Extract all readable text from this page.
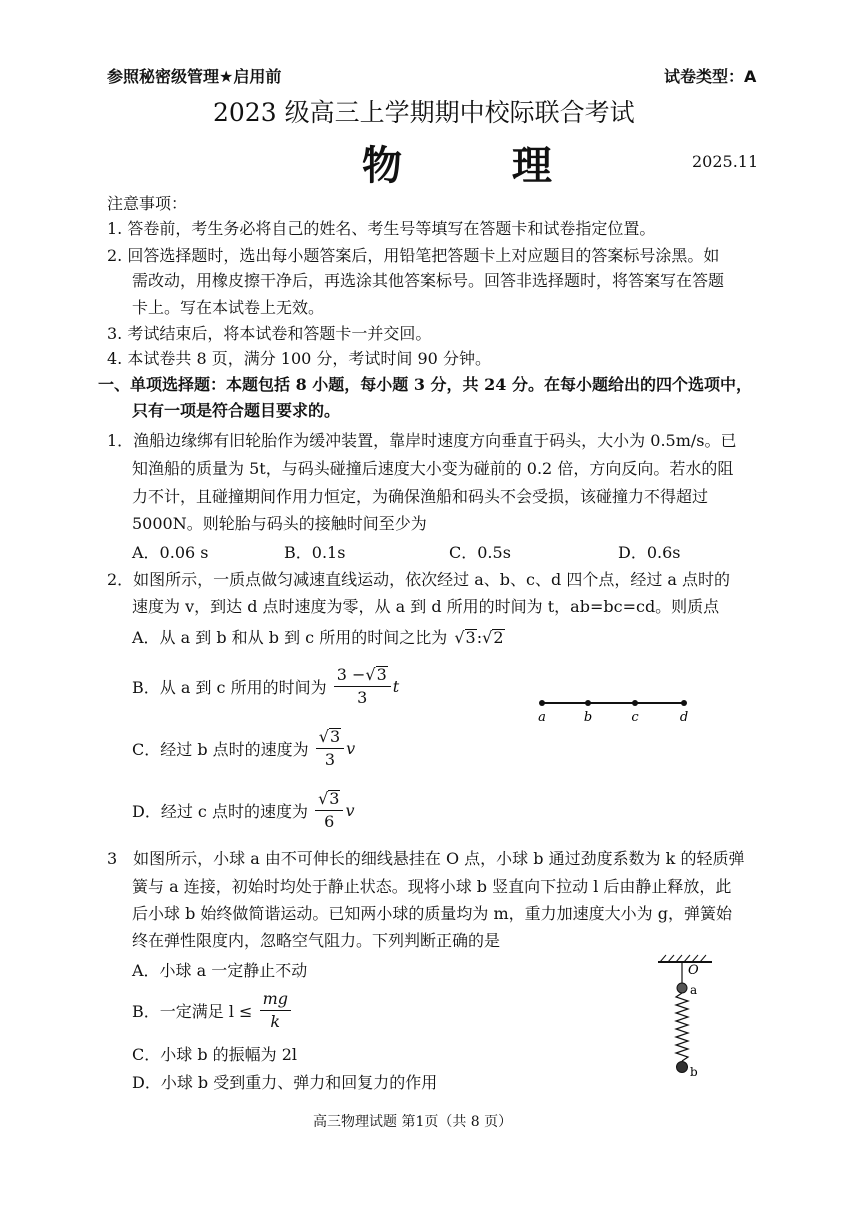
参照秘密级管理★启用前	试卷类型：A
2023 级高三上学期期中校际联合考试
物 理	2025.11
注意事项：
1. 答卷前，考生务必将自己的姓名、考生号等填写在答题卡和试卷指定位置。
2. 回答选择题时，选出每小题答案后，用铅笔把答题卡上对应题目的答案标号涂黑。如
需改动，用橡皮擦干净后，再选涂其他答案标号。回答非选择题时，将答案写在答题
卡上。写在本试卷上无效。
3. 考试结束后，将本试卷和答题卡一并交回。
4. 本试卷共 8 页，满分 100 分，考试时间 90 分钟。
一、单项选择题：本题包括 8 小题，每小题 3 分，共 24 分。在每小题给出的四个选项中，
只有一项是符合题目要求的。
1．渔船边缘绑有旧轮胎作为缓冲装置，靠岸时速度方向垂直于码头，大小为 0.5m/s。已
知渔船的质量为 5t，与码头碰撞后速度大小变为碰前的 0.2 倍，方向反向。若水的阻
力不计，且碰撞期间作用力恒定，为确保渔船和码头不会受损，该碰撞力不得超过
5000N。则轮胎与码头的接触时间至少为
A．0.06 s	B．0.1s	C．0.5s	D．0.6s
2．如图所示，一质点做匀减速直线运动，依次经过 a、b、c、d 四个点，经过 a 点时的
速度为 v，到达 d 点时速度为零，从 a 到 d 所用的时间为 t，ab=bc=cd。则质点
A．从 a 到 b 和从 b 到 c 所用的时间之比为 √3:√2
B．从 a 到 c 所用的时间为 $\frac{3 -√3}{3}$ t
C．经过 b 点时的速度为 $\frac{√3}{3}$ v
D．经过 c 点时的速度为 $\frac{√3}{6}$ v
a	b	c	d
3　如图所示，小球 a 由不可伸长的细线悬挂在 O 点，小球 b 通过劲度系数为 k 的轻质弹
簧与 a 连接，初始时均处于静止状态。现将小球 b 竖直向下拉动 l 后由静止释放，此
后小球 b 始终做简谐运动。已知两小球的质量均为 m，重力加速度大小为 g，弹簧始
终在弹性限度内，忽略空气阻力。下列判断正确的是
A．小球 a 一定静止不动
B．一定满足 $l \le \frac{mg}{k}$
C．小球 b 的振幅为 2l
D．小球 b 受到重力、弹力和回复力的作用
O
a
b
高三物理试题 第1页（共 8 页）
